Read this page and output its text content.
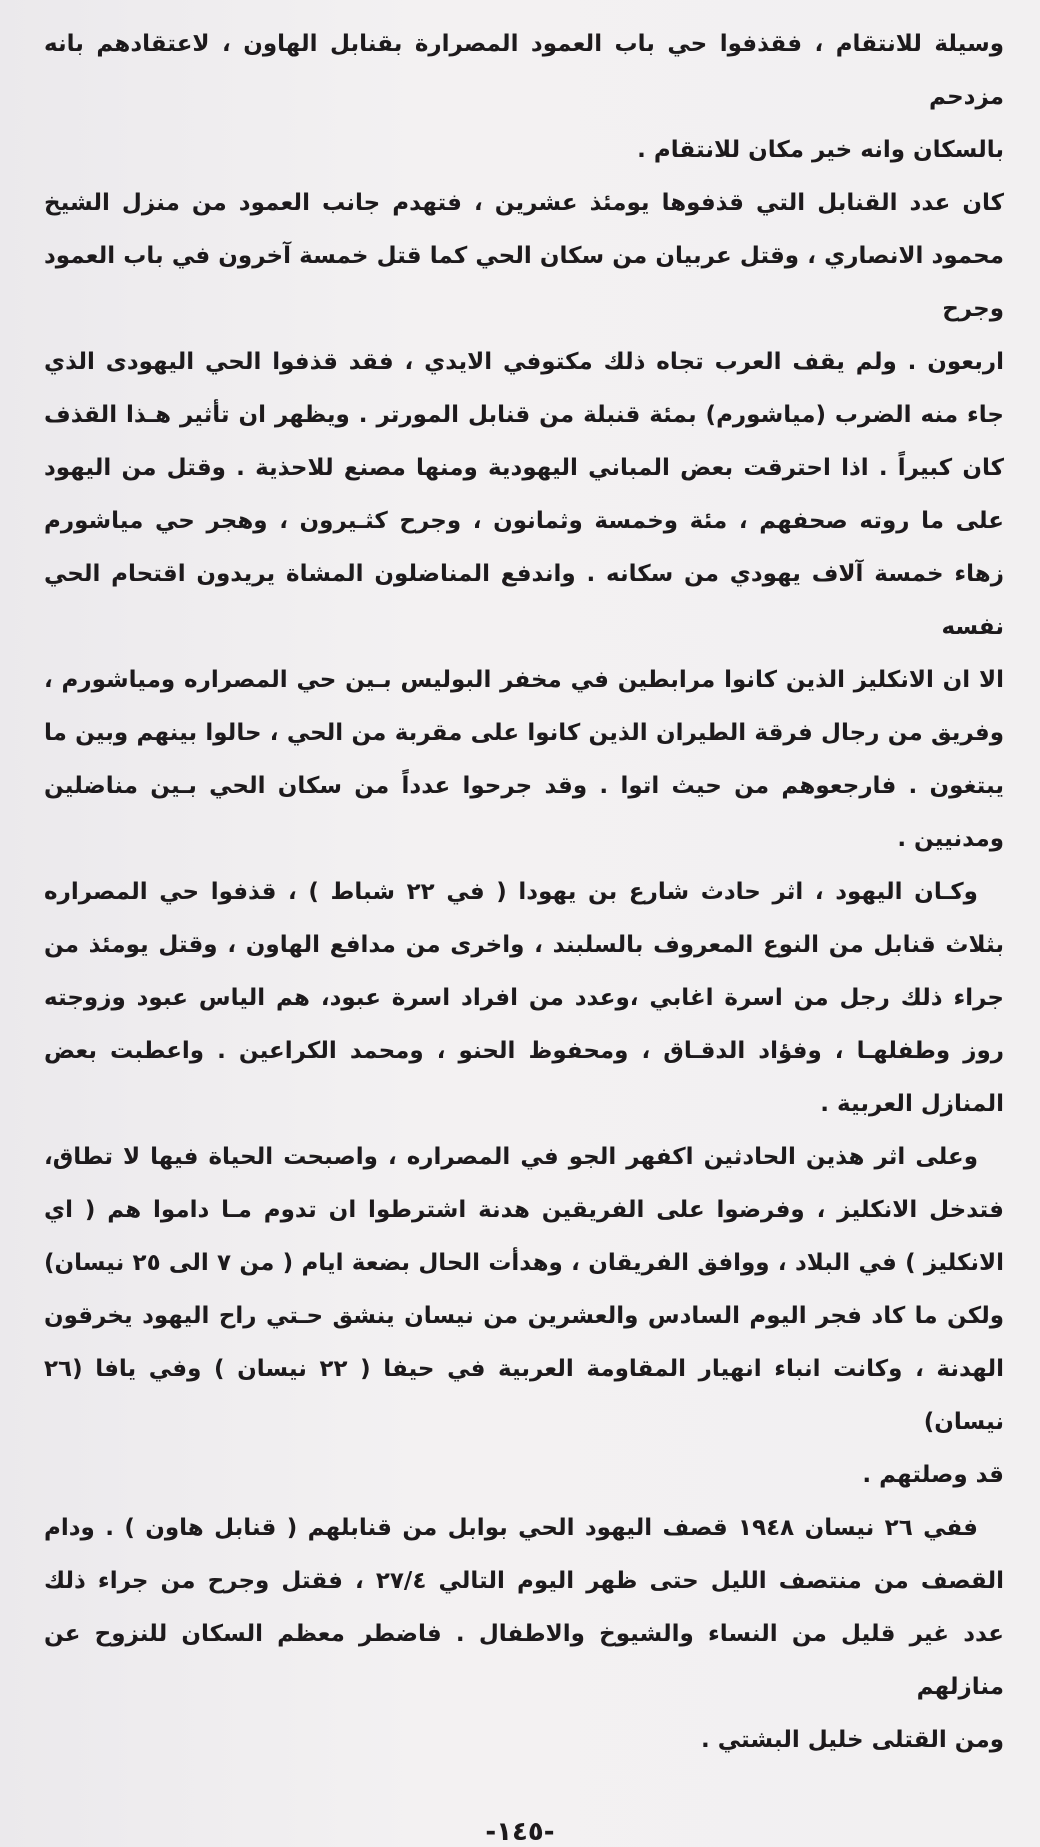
وسيلة للانتقام ، فقذفوا حي باب العمود المصرارة بقنابل الهاون ، لاعتقادهم بانه مزدحم
بالسكان وانه خير مكان للانتقام .
كان عدد القنابل التي قذفوها يومئذ عشرين ، فتهدم جانب العمود من منزل الشيخ
محمود الانصاري ، وقتل عربيان من سكان الحي كما قتل خمسة آخرون في باب العمود وجرح
اربعون . ولم يقف العرب تجاه ذلك مكتوفي الايدي ، فقد قذفوا الحي اليهودى الذي
جاء منه الضرب (مياشورم) بمئة قنبلة من قنابل المورتر . ويظهر ان تأثير هـذا القذف
كان كبيراً . اذا احترقت بعض المباني اليهودية ومنها مصنع للاحذية . وقتل من اليهود
على ما روته صحفهم ، مئة وخمسة وثمانون ، وجرح كثـيرون ، وهجر حي مياشورم
زهاء خمسة آلاف يهودي من سكانه . واندفع المناضلون المشاة يريدون اقتحام الحي نفسه
الا ان الانكليز الذين كانوا مرابطين في مخفر البوليس بـين حي المصراره ومياشورم ،
وفريق من رجال فرقة الطيران الذين كانوا على مقربة من الحي ، حالوا بينهم وبين ما
يبتغون . فارجعوهم من حيث اتوا . وقد جرحوا عدداً من سكان الحي بـين مناضلين
ومدنيين .
وكـان اليهود ، اثر حادث شارع بن يهودا ( في ٢٢ شباط ) ، قذفوا حي المصراره
بثلاث قنابل من النوع المعروف بالسلبند ، واخرى من مدافع الهاون ، وقتل يومئذ من
جراء ذلك رجل من اسرة اغابي ،وعدد من افراد اسرة عبود، هم الياس عبود وزوجته
روز وطفلهـا ، وفؤاد الدقـاق ، ومحفوظ الحنو ، ومحمد الكراعين . واعطبت بعض
المنازل العربية .
وعلى اثر هذين الحادثين اكفهر الجو في المصراره ، واصبحت الحياة فيها لا تطاق،
فتدخل الانكليز ، وفرضوا على الفريقين هدنة اشترطوا ان تدوم مـا داموا هم ( اي
الانكليز ) في البلاد ، ووافق الفريقان ، وهدأت الحال بضعة ايام ( من ٧ الى ٢٥ نيسان)
ولكن ما كاد فجر اليوم السادس والعشرين من نيسان ينشق حـتي راح اليهود يخرقون
الهدنة ، وكانت انباء انهيار المقاومة العربية في حيفا ( ٢٢ نيسان ) وفي يافا (٢٦ نيسان)
قد وصلتهم .
ففي ٢٦ نيسان ١٩٤٨ قصف اليهود الحي بوابل من قنابلهم ( قنابل هاون ) . ودام
القصف من منتصف الليل حتى ظهر اليوم التالي ٢٧/٤ ، فقتل وجرح من جراء ذلك
عدد غير قليل من النساء والشيوخ والاطفال . فاضطر معظم السكان للنزوح عن منازلهم
ومن القتلى خليل البشتي .
-١٤٥-
